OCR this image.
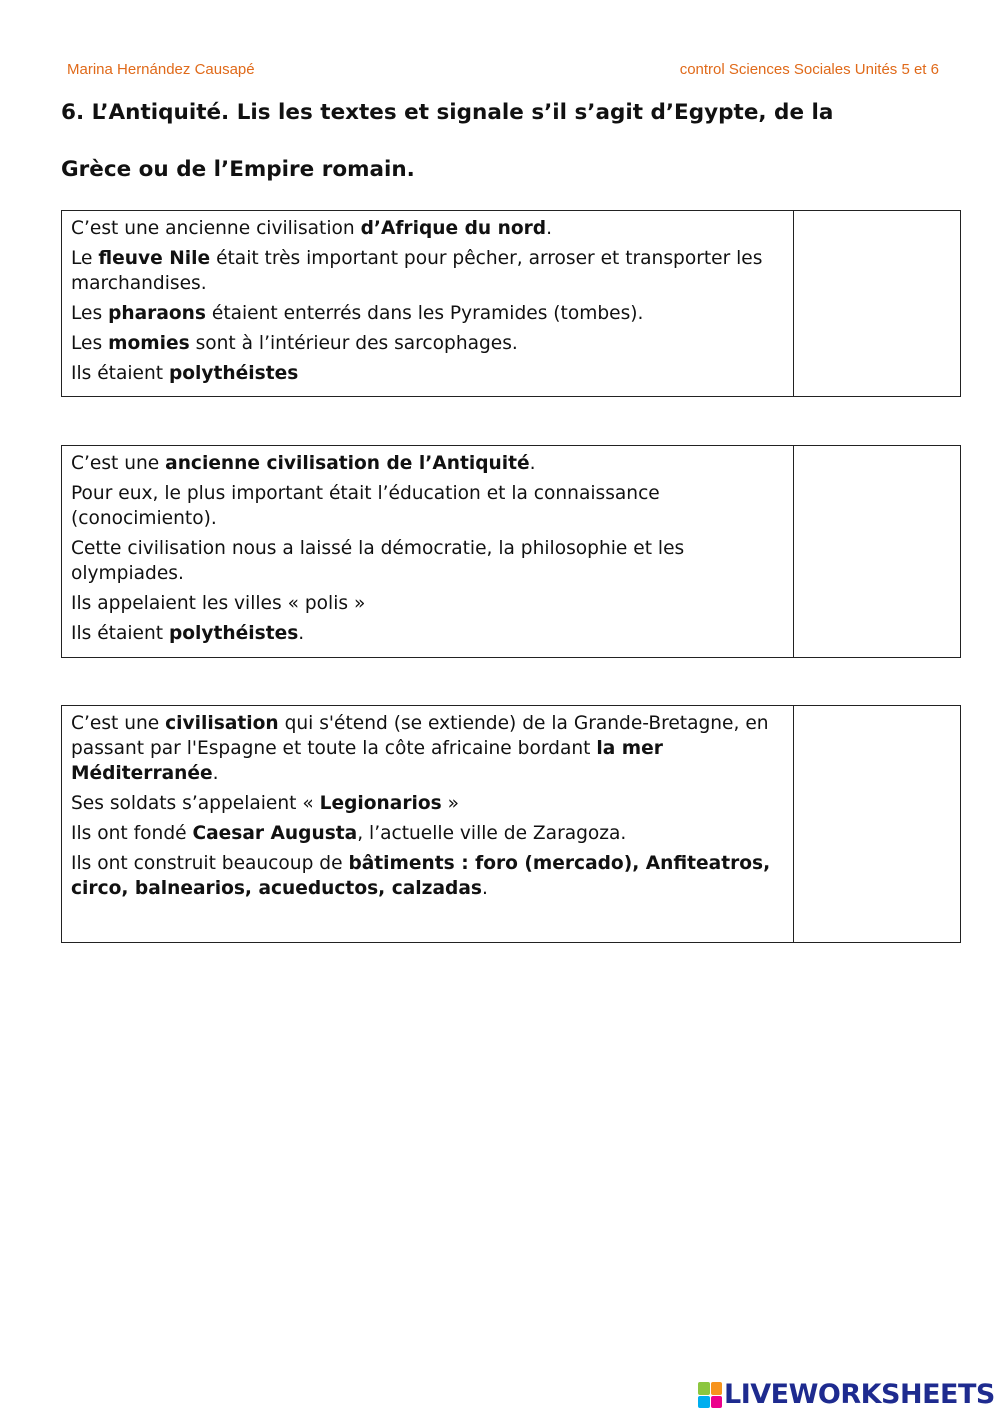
Marina Hernández Causapé	control Sciences Sociales Unités 5 et 6
6. L’Antiquité. Lis les textes et signale s’il s’agit d’Egypte, de la
Grèce ou de l’Empire romain.
C’est une ancienne civilisation d’Afrique du nord.
Le fleuve Nile était très important pour pêcher, arroser et transporter les marchandises.
Les pharaons étaient enterrés dans les Pyramides (tombes).
Les momies sont à l’intérieur des sarcophages.
Ils étaient polythéistes

C’est une ancienne civilisation de l’Antiquité.
Pour eux, le plus important était l’éducation et la connaissance (conocimiento).
Cette civilisation nous a laissé la démocratie, la philosophie et les olympiades.
Ils appelaient les villes « polis »
Ils étaient polythéistes.

C’est une civilisation qui s'étend (se extiende) de la Grande-Bretagne, en passant par l'Espagne et toute la côte africaine bordant la mer Méditerranée.
Ses soldats s’appelaient « Legionarios »
Ils ont fondé Caesar Augusta, l’actuelle ville de Zaragoza.
Ils ont construit beaucoup de bâtiments : foro (mercado), Anfiteatros, circo, balnearios, acueductos, calzadas.

LIVEWORKSHEETS
